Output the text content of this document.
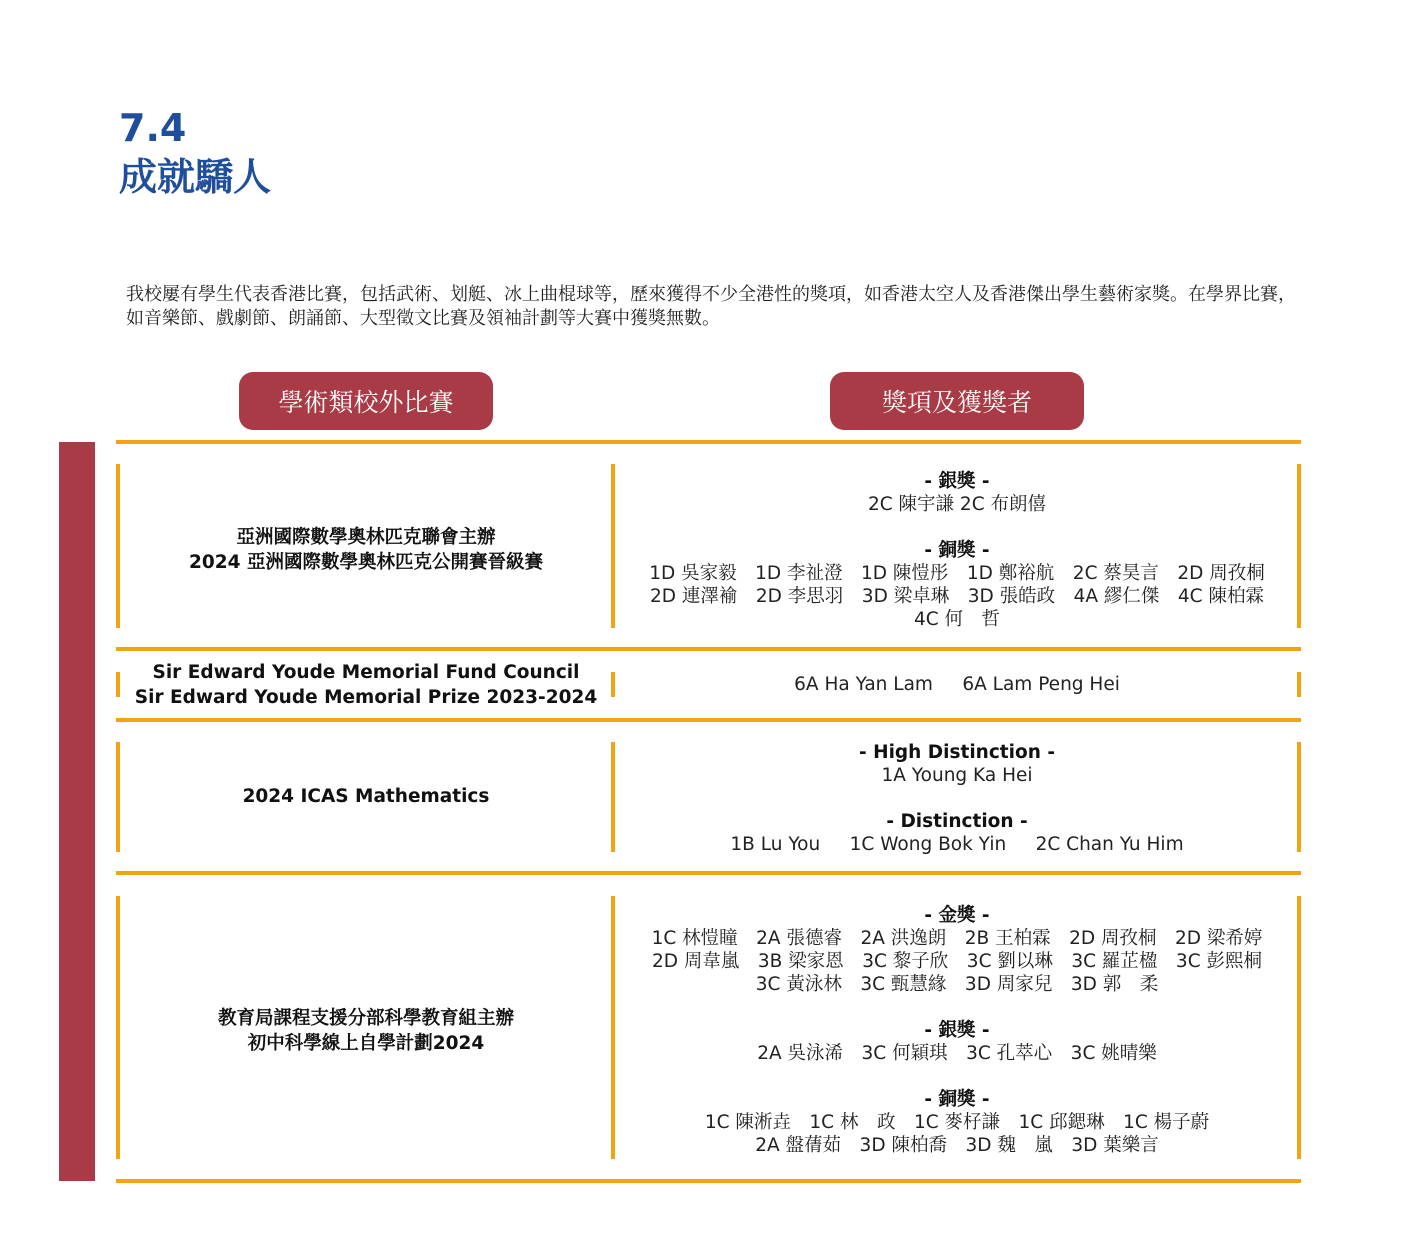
7.4
成就驕人

我校屢有學生代表香港比賽，包括武術、划艇、冰上曲棍球等，歷來獲得不少全港性的獎項，如香港太空人及香港傑出學生藝術家獎。在學界比賽，如音樂節、戲劇節、朗誦節、大型徵文比賽及領袖計劃等大賽中獲獎無數。

學術類校外比賽	獎項及獲獎者
亞洲國際數學奧林匹克聯會主辦
2024 亞洲國際數學奧林匹克公開賽晉級賽
- 銀獎 -
2C 陳宇謙 2C 布朗僖
- 銅獎 -
1D 吳家毅　1D 李祉澄　1D 陳愷彤　1D 鄭裕航　2C 蔡昊言　2D 周孜桐
2D 連澤褕　2D 李思羽　3D 梁卓琳　3D 張皓政　4A 繆仁傑　4C 陳柏霖
4C 何　哲
Sir Edward Youde Memorial Fund Council
Sir Edward Youde Memorial Prize 2023-2024
6A Ha Yan Lam     6A Lam Peng Hei
2024 ICAS Mathematics
- High Distinction -
1A Young Ka Hei
- Distinction -
1B Lu You     1C Wong Bok Yin     2C Chan Yu Him
教育局課程支援分部科學教育組主辦
初中科學線上自學計劃2024
- 金獎 -
1C 林愷瞳　2A 張德睿　2A 洪逸朗　2B 王柏霖　2D 周孜桐　2D 梁希婷
2D 周韋嵐　3B 梁家恩　3C 黎子欣　3C 劉以琳　3C 羅芷楹　3C 彭熙桐
3C 黃泳林　3C 甄慧緣　3D 周家兒　3D 郭　柔
- 銀獎 -
2A 吳泳浠　3C 何穎琪　3C 孔萃心　3C 姚晴樂
- 銅獎 -
1C 陳淅垚　1C 林　政　1C 麥杍謙　1C 邱鍶琳　1C 楊子蔚
2A 盤蒨茹　3D 陳柏喬　3D 魏　嵐　3D 葉樂言
